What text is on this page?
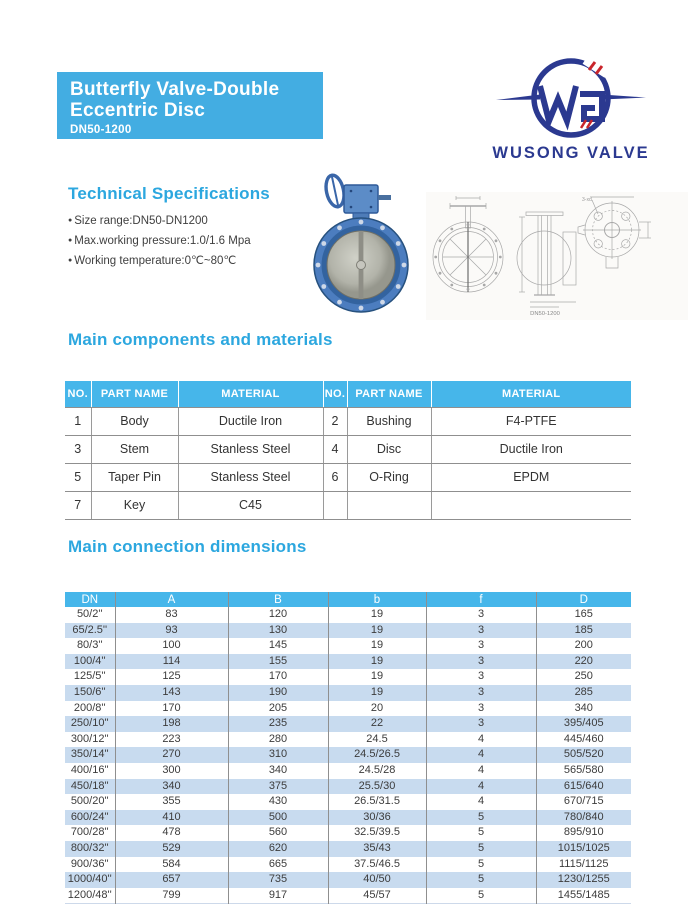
Butterfly Valve-Double
Eccentric Disc
DN50-1200
WUSONG VALVE
Technical Specifications
● Size range:DN50-DN1200
● Max.working pressure:1.0/1.6 Mpa
● Working temperature:0℃~80℃
3-xd
DN50-1200
Main components and materials
NO.	PART NAME	MATERIAL	NO.	PART NAME	MATERIAL
1	Body	Ductile Iron	2	Bushing	F4-PTFE
3	Stem	Stanless Steel	4	Disc	Ductile Iron
5	Taper Pin	Stanless Steel	6	O-Ring	EPDM
7	Key	C45			
Main connection dimensions
DN	A	B	b	f	D
50/2''	83	120	19	3	165
65/2.5''	93	130	19	3	185
80/3''	100	145	19	3	200
100/4''	114	155	19	3	220
125/5''	125	170	19	3	250
150/6''	143	190	19	3	285
200/8''	170	205	20	3	340
250/10''	198	235	22	3	395/405
300/12''	223	280	24.5	4	445/460
350/14''	270	310	24.5/26.5	4	505/520
400/16''	300	340	24.5/28	4	565/580
450/18''	340	375	25.5/30	4	615/640
500/20''	355	430	26.5/31.5	4	670/715
600/24''	410	500	30/36	5	780/840
700/28''	478	560	32.5/39.5	5	895/910
800/32''	529	620	35/43	5	1015/1025
900/36''	584	665	37.5/46.5	5	1115/1125
1000/40''	657	735	40/50	5	1230/1255
1200/48''	799	917	45/57	5	1455/1485
